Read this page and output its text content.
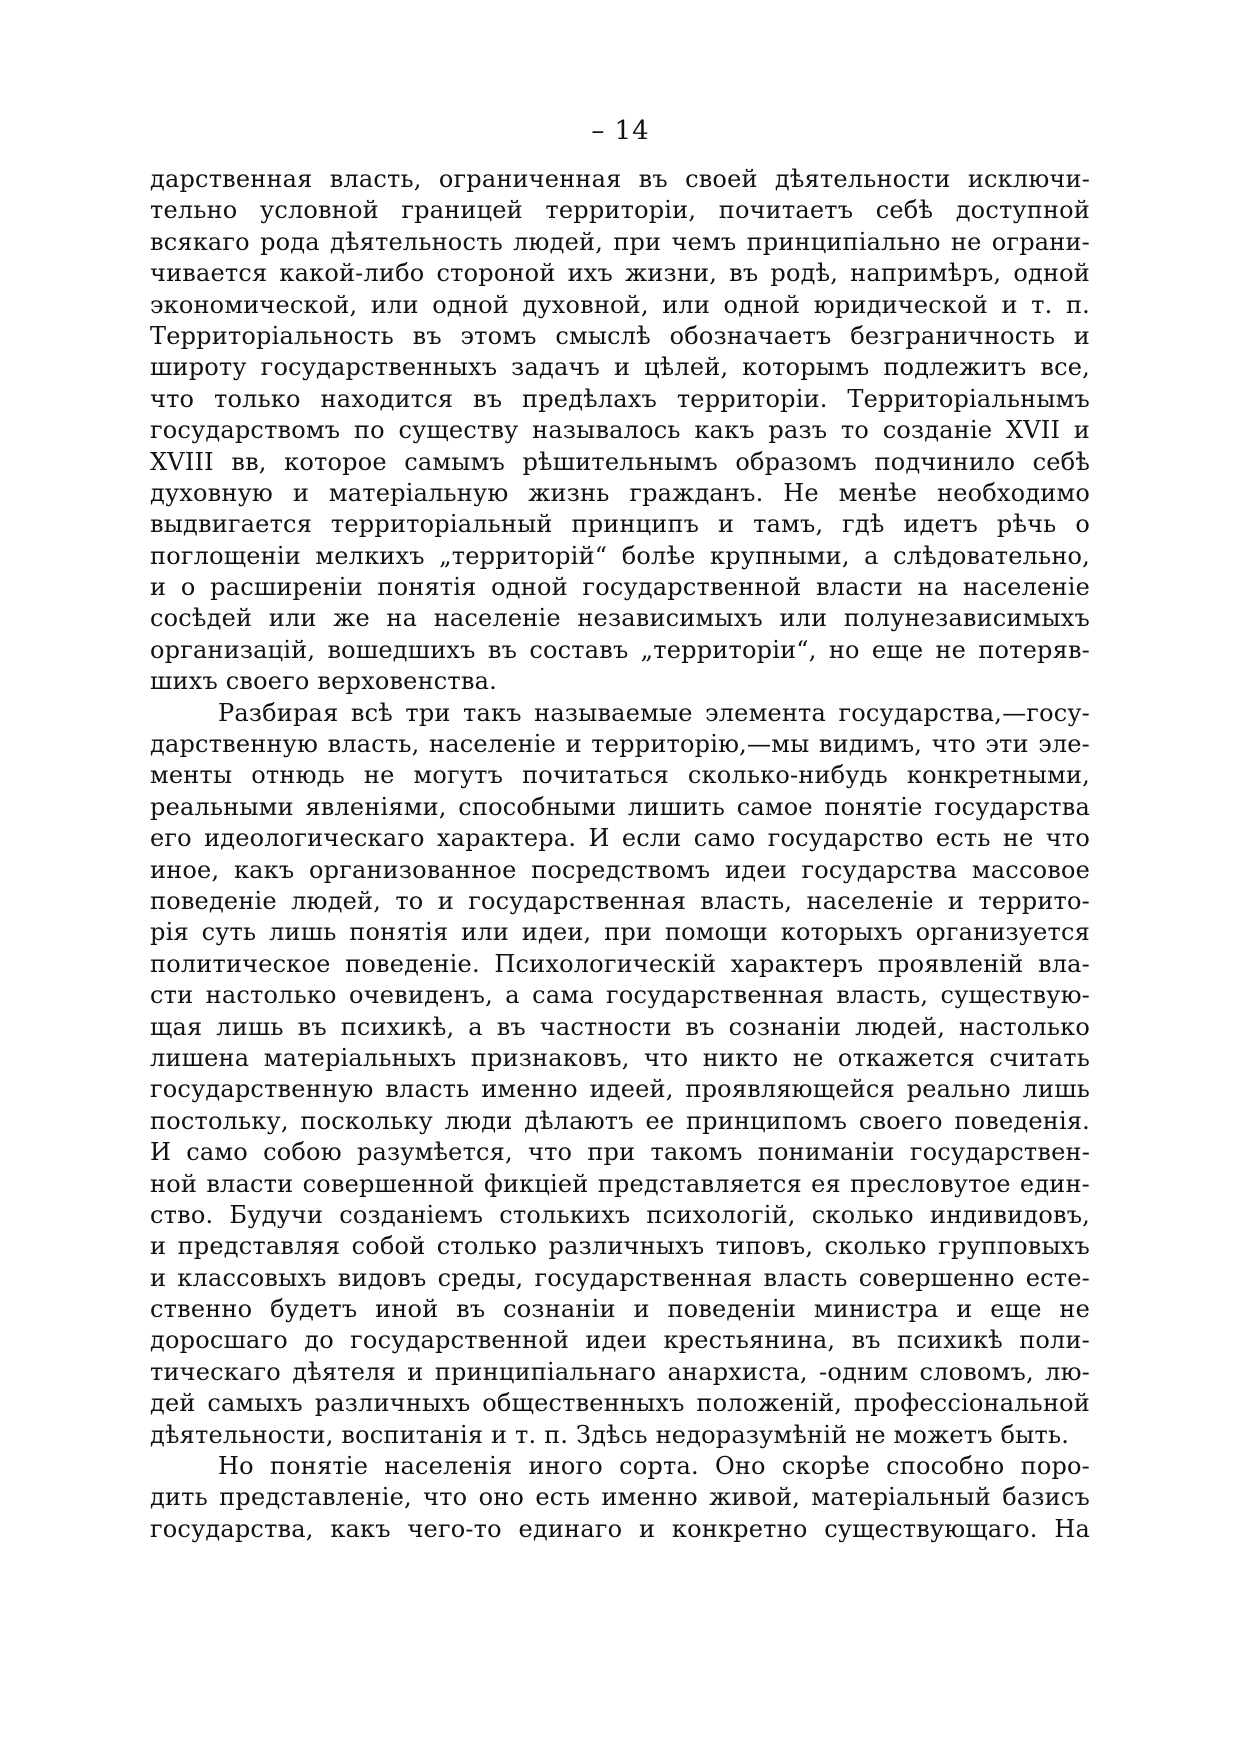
– 14
дарственная власть, ограниченная въ своей дѣятельности исключи-
тельно условной границей территоріи, почитаетъ себѣ доступной
всякаго рода дѣятельность людей, при чемъ принципіально не ограни-
чивается какой-либо стороной ихъ жизни, въ родѣ, напримѣръ, одной
экономической, или одной духовной, или одной юридической и т. п.
Территоріальность въ этомъ смыслѣ обозначаетъ безграничность и
широту государственныхъ задачъ и цѣлей, которымъ подлежитъ все,
что только находится въ предѣлахъ территоріи. Территоріальнымъ
государствомъ по существу называлось какъ разъ то созданіе XVII и
XVIII вв, которое самымъ рѣшительнымъ образомъ подчинило себѣ
духовную и матеріальную жизнь гражданъ. Не менѣе необходимо
выдвигается территоріальный принципъ и тамъ, гдѣ идетъ рѣчь о
поглощеніи мелкихъ „территорій“ болѣе крупными, а слѣдовательно,
и о расширеніи понятія одной государственной власти на населеніе
сосѣдей или же на населеніе независимыхъ или полунезависимыхъ
организацій, вошедшихъ въ составъ „территоріи“, но еще не потеряв-
шихъ своего верховенства.
Разбирая всѣ три такъ называемые элемента государства,—госу-
дарственную власть, населеніе и территорію,—мы видимъ, что эти эле-
менты отнюдь не могутъ почитаться сколько-нибудь конкретными,
реальными явленіями, способными лишить самое понятіе государства
его идеологическаго характера. И если само государство есть не что
иное, какъ организованное посредствомъ идеи государства массовое
поведеніе людей, то и государственная власть, населеніе и террито-
рія суть лишь понятія или идеи, при помощи которыхъ организуется
политическое поведеніе. Психологическій характеръ проявленій вла-
сти настолько очевиденъ, а сама государственная власть, существую-
щая лишь въ психикѣ, а въ частности въ сознаніи людей, настолько
лишена матеріальныхъ признаковъ, что никто не откажется считать
государственную власть именно идеей, проявляющейся реально лишь
постольку, поскольку люди дѣлаютъ ее принципомъ своего поведенія.
И само собою разумѣется, что при такомъ пониманіи государствен-
ной власти совершенной фикціей представляется ея пресловутое един-
ство. Будучи созданіемъ столькихъ психологій, сколько индивидовъ,
и представляя собой столько различныхъ типовъ, сколько групповыхъ
и классовыхъ видовъ среды, государственная власть совершенно есте-
ственно будетъ иной въ сознаніи и поведеніи министра и еще не
доросшаго до государственной идеи крестьянина, въ психикѣ поли-
тическаго дѣятеля и принципіальнаго анархиста, -одним словомъ, лю-
дей самыхъ различныхъ общественныхъ положеній, профессіональной
дѣятельности, воспитанія и т. п. Здѣсь недоразумѣній не можетъ быть.
Но понятіе населенія иного сорта. Оно скорѣе способно поро-
дить представленіе, что оно есть именно живой, матеріальный базисъ
государства, какъ чего-то единаго и конкретно существующаго. На
